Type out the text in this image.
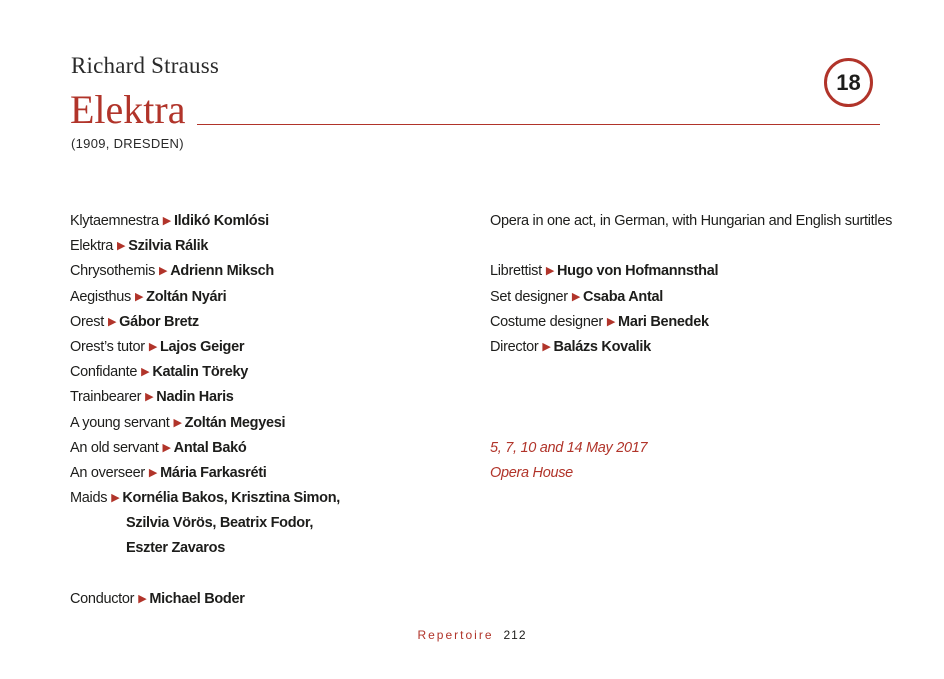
Richard Strauss
Elektra
18
(1909, DRESDEN)
Klytaemnestra ▶ Ildikó Komlósi
Elektra ▶ Szilvia Rálik
Chrysothemis ▶ Adrienn Miksch
Aegisthus ▶ Zoltán Nyári
Orest ▶ Gábor Bretz
Orest’s tutor ▶ Lajos Geiger
Confidante ▶ Katalin Töreky
Trainbearer ▶ Nadin Haris
A young servant ▶ Zoltán Megyesi
An old servant ▶ Antal Bakó
An overseer ▶ Mária Farkasréti
Maids ▶ Kornélia Bakos, Krisztina Simon,
Szilvia Vörös, Beatrix Fodor,
Eszter Zavaros
Conductor ▶ Michael Boder
Opera in one act, in German, with Hungarian and English surtitles
Librettist ▶ Hugo von Hofmannsthal
Set designer ▶ Csaba Antal
Costume designer ▶ Mari Benedek
Director ▶ Balázs Kovalik
5, 7, 10 and 14 May 2017
Opera House
Repertoire 212
